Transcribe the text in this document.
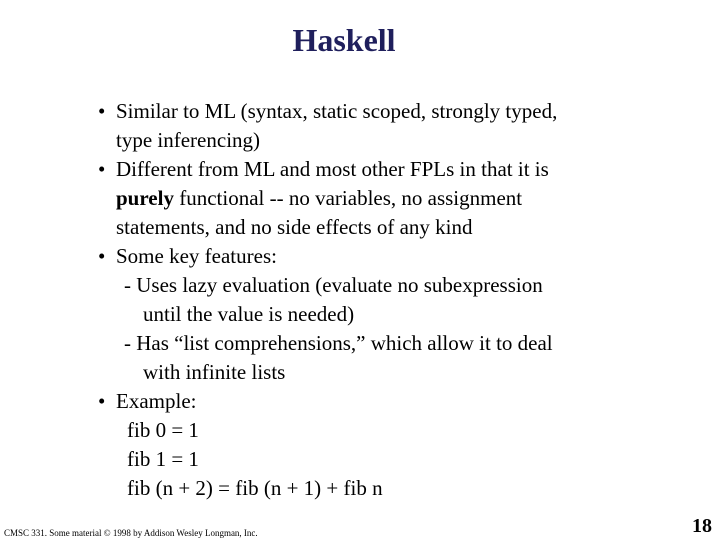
Haskell
• Similar to ML (syntax, static scoped, strongly typed,
type inferencing)
• Different from ML and most other FPLs in that it is
purely functional -- no variables, no assignment
statements, and no side effects of any kind
• Some key features:
- Uses lazy evaluation (evaluate no subexpression
until the value is needed)
- Has “list comprehensions,” which allow it to deal
with infinite lists
• Example:
fib 0 = 1
fib 1 = 1
fib (n + 2) = fib (n + 1) + fib n
CMSC 331. Some material © 1998 by Addison Wesley Longman, Inc.	18
